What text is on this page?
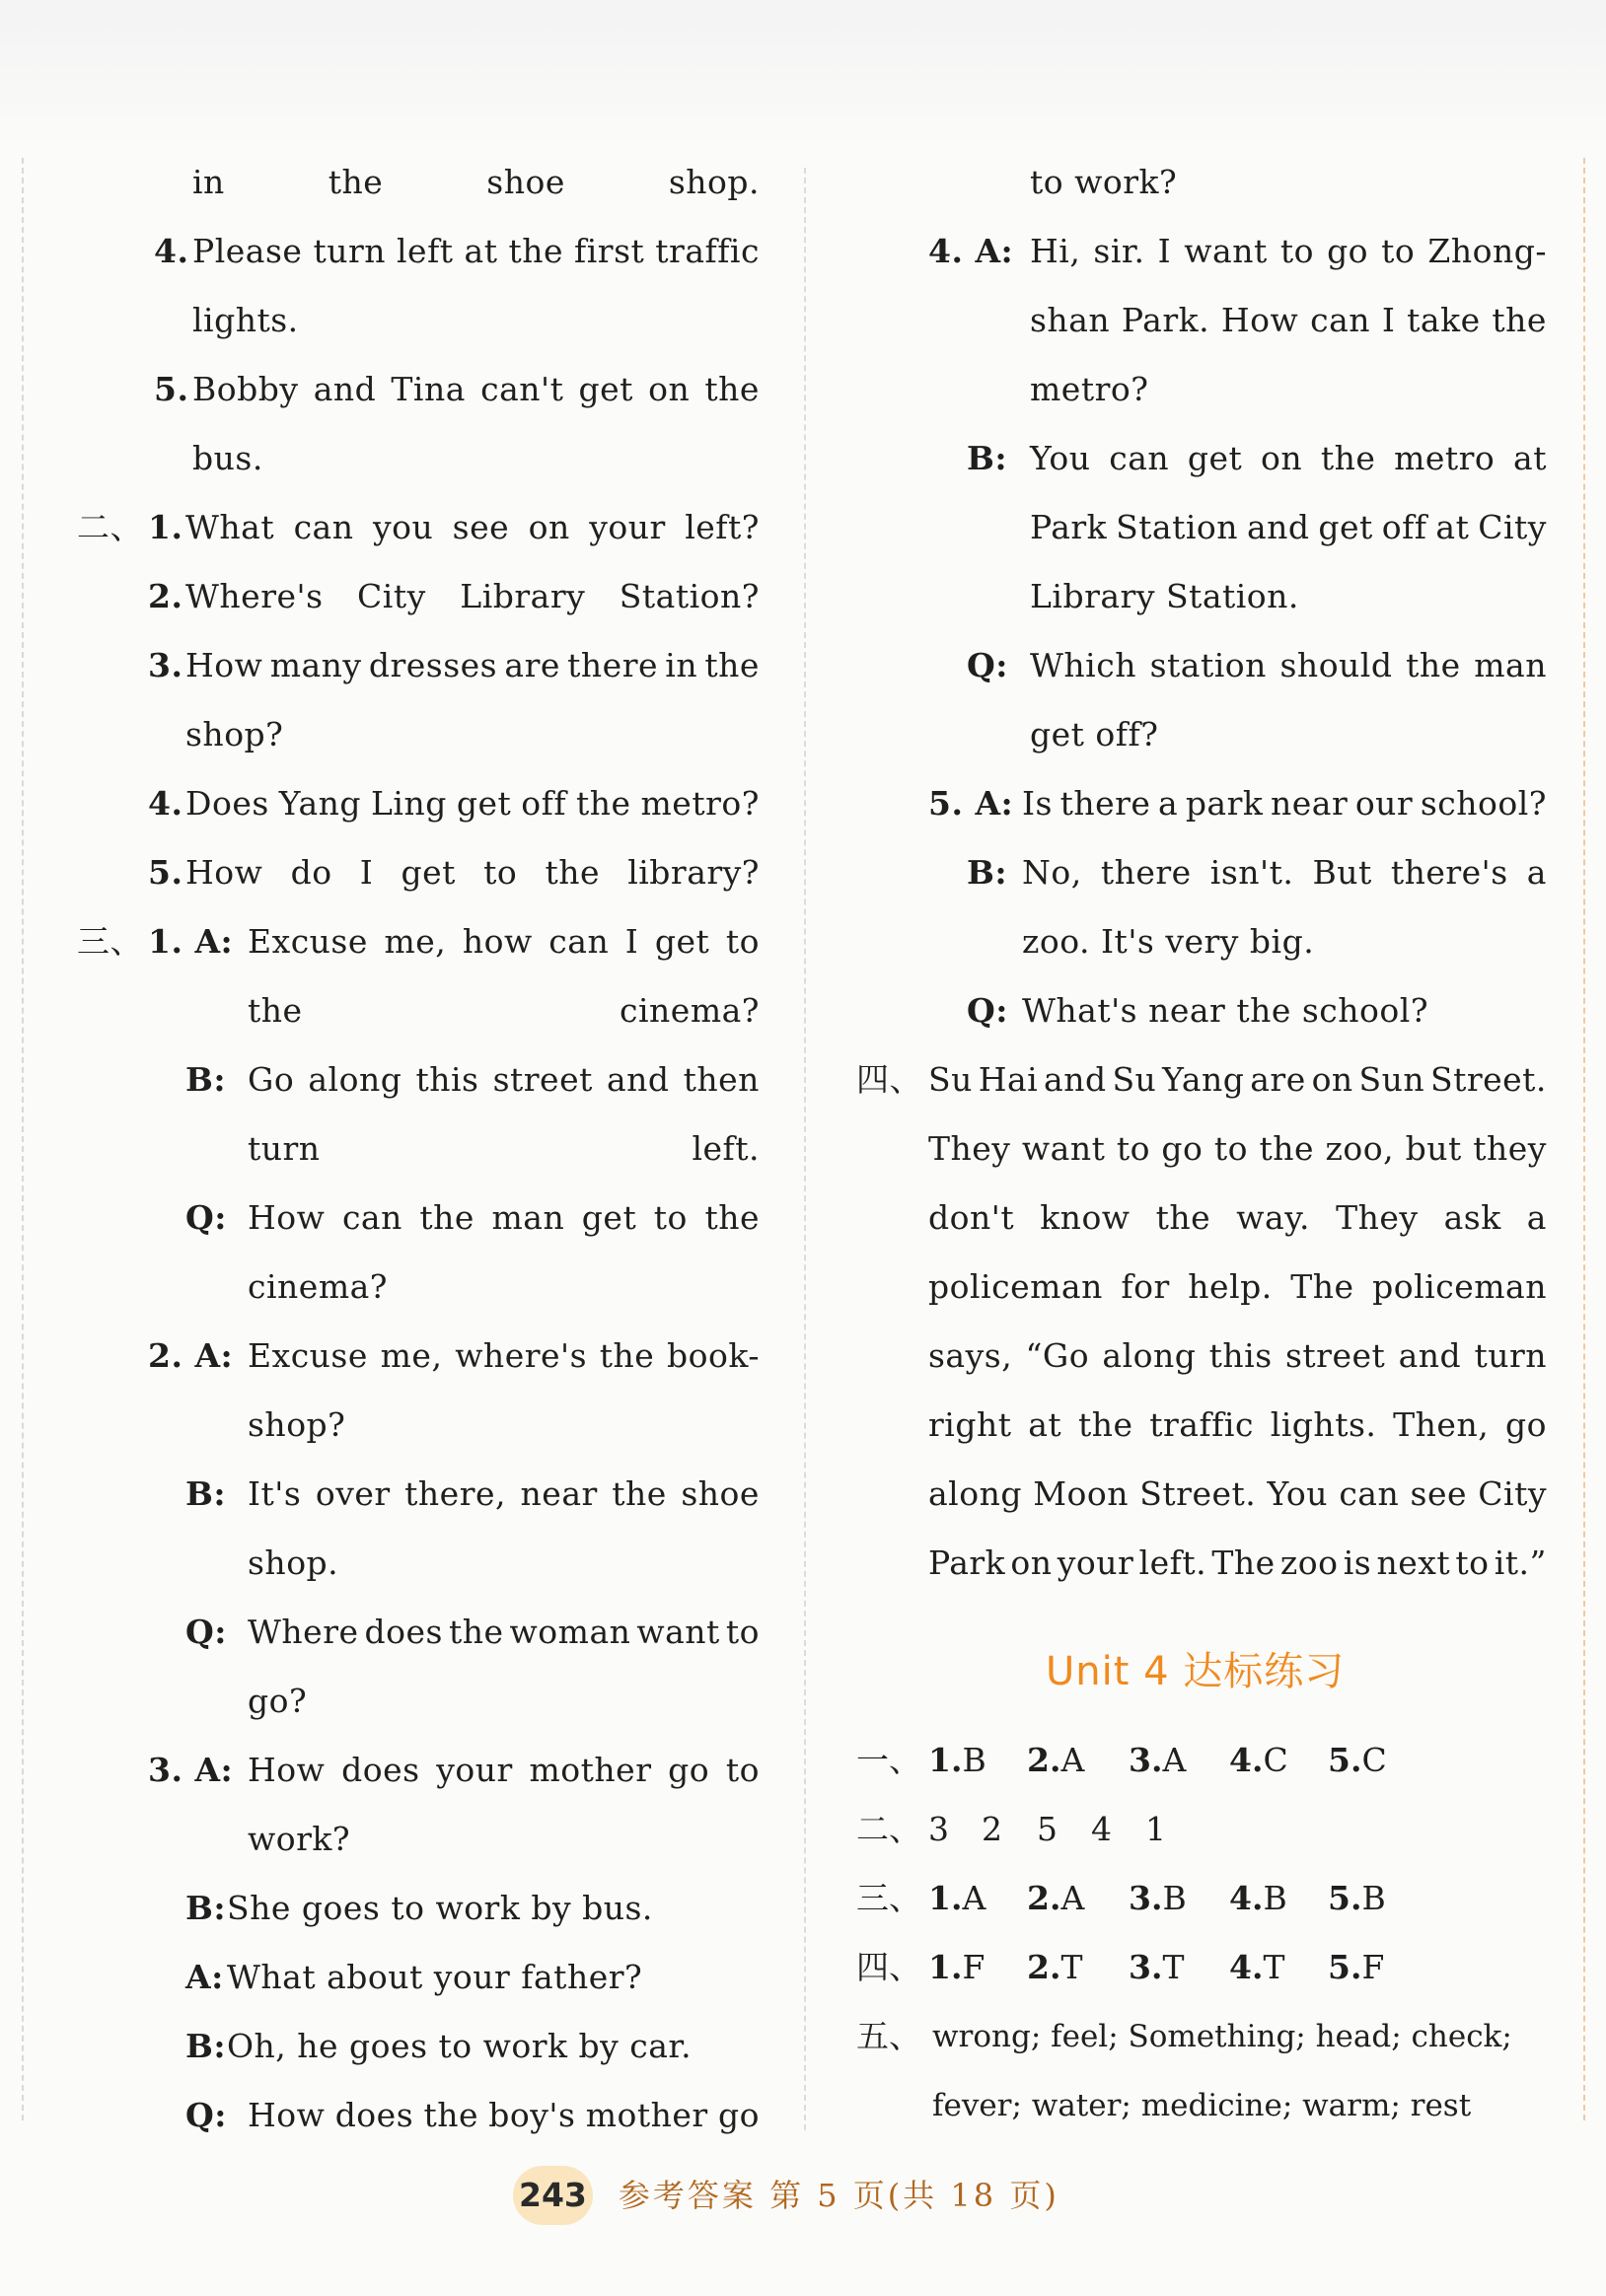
in	the	shoe	shop.
4. Please turn left at the first traffic
lights.
5. Bobby and Tina can't get on the
bus.
二、 1. What can you see on your left?
2. Where's City Library Station?
3. How many dresses are there in the
shop?
4. Does Yang Ling get off the metro?
5. How do I get to the library?
三、 1. A: Excuse me, how can I get to
the	cinema?
B: Go along this street and then
turn	left.
Q: How can the man get to the
cinema?
2. A: Excuse me, where's the book-
shop?
B: It's over there, near the shoe
shop.
Q: Where does the woman want to
go?
3. A: How does your mother go to
work?
B: She goes to work by bus.
A: What about your father?
B: Oh, he goes to work by car.
Q: How does the boy's mother go
to work?
4. A: Hi, sir. I want to go to Zhong-
shan Park. How can I take the
metro?
B: You can get on the metro at
Park Station and get off at City
Library Station.
Q: Which station should the man
get off?
5. A: Is there a park near our school?
B: No, there isn't. But there's a
zoo. It's very big.
Q: What's near the school?
四、 Su Hai and Su Yang are on Sun Street.
They want to go to the zoo, but they
don't know the way. They ask a
policeman for help. The policeman
says, “Go along this street and turn
right at the traffic lights. Then, go
along Moon Street. You can see City
Park on your left. The zoo is next to it.”
Unit 4 达标练习
一、 1.B 2.A 3.A 4.C 5.C
二、 3 2 5 4 1
三、 1.A 2.A 3.B 4.B 5.B
四、 1.F 2.T 3.T 4.T 5.F
五、 wrong; feel; Something; head; check;
fever; water; medicine; warm; rest
243 参考答案 第 5 页(共 18 页)
